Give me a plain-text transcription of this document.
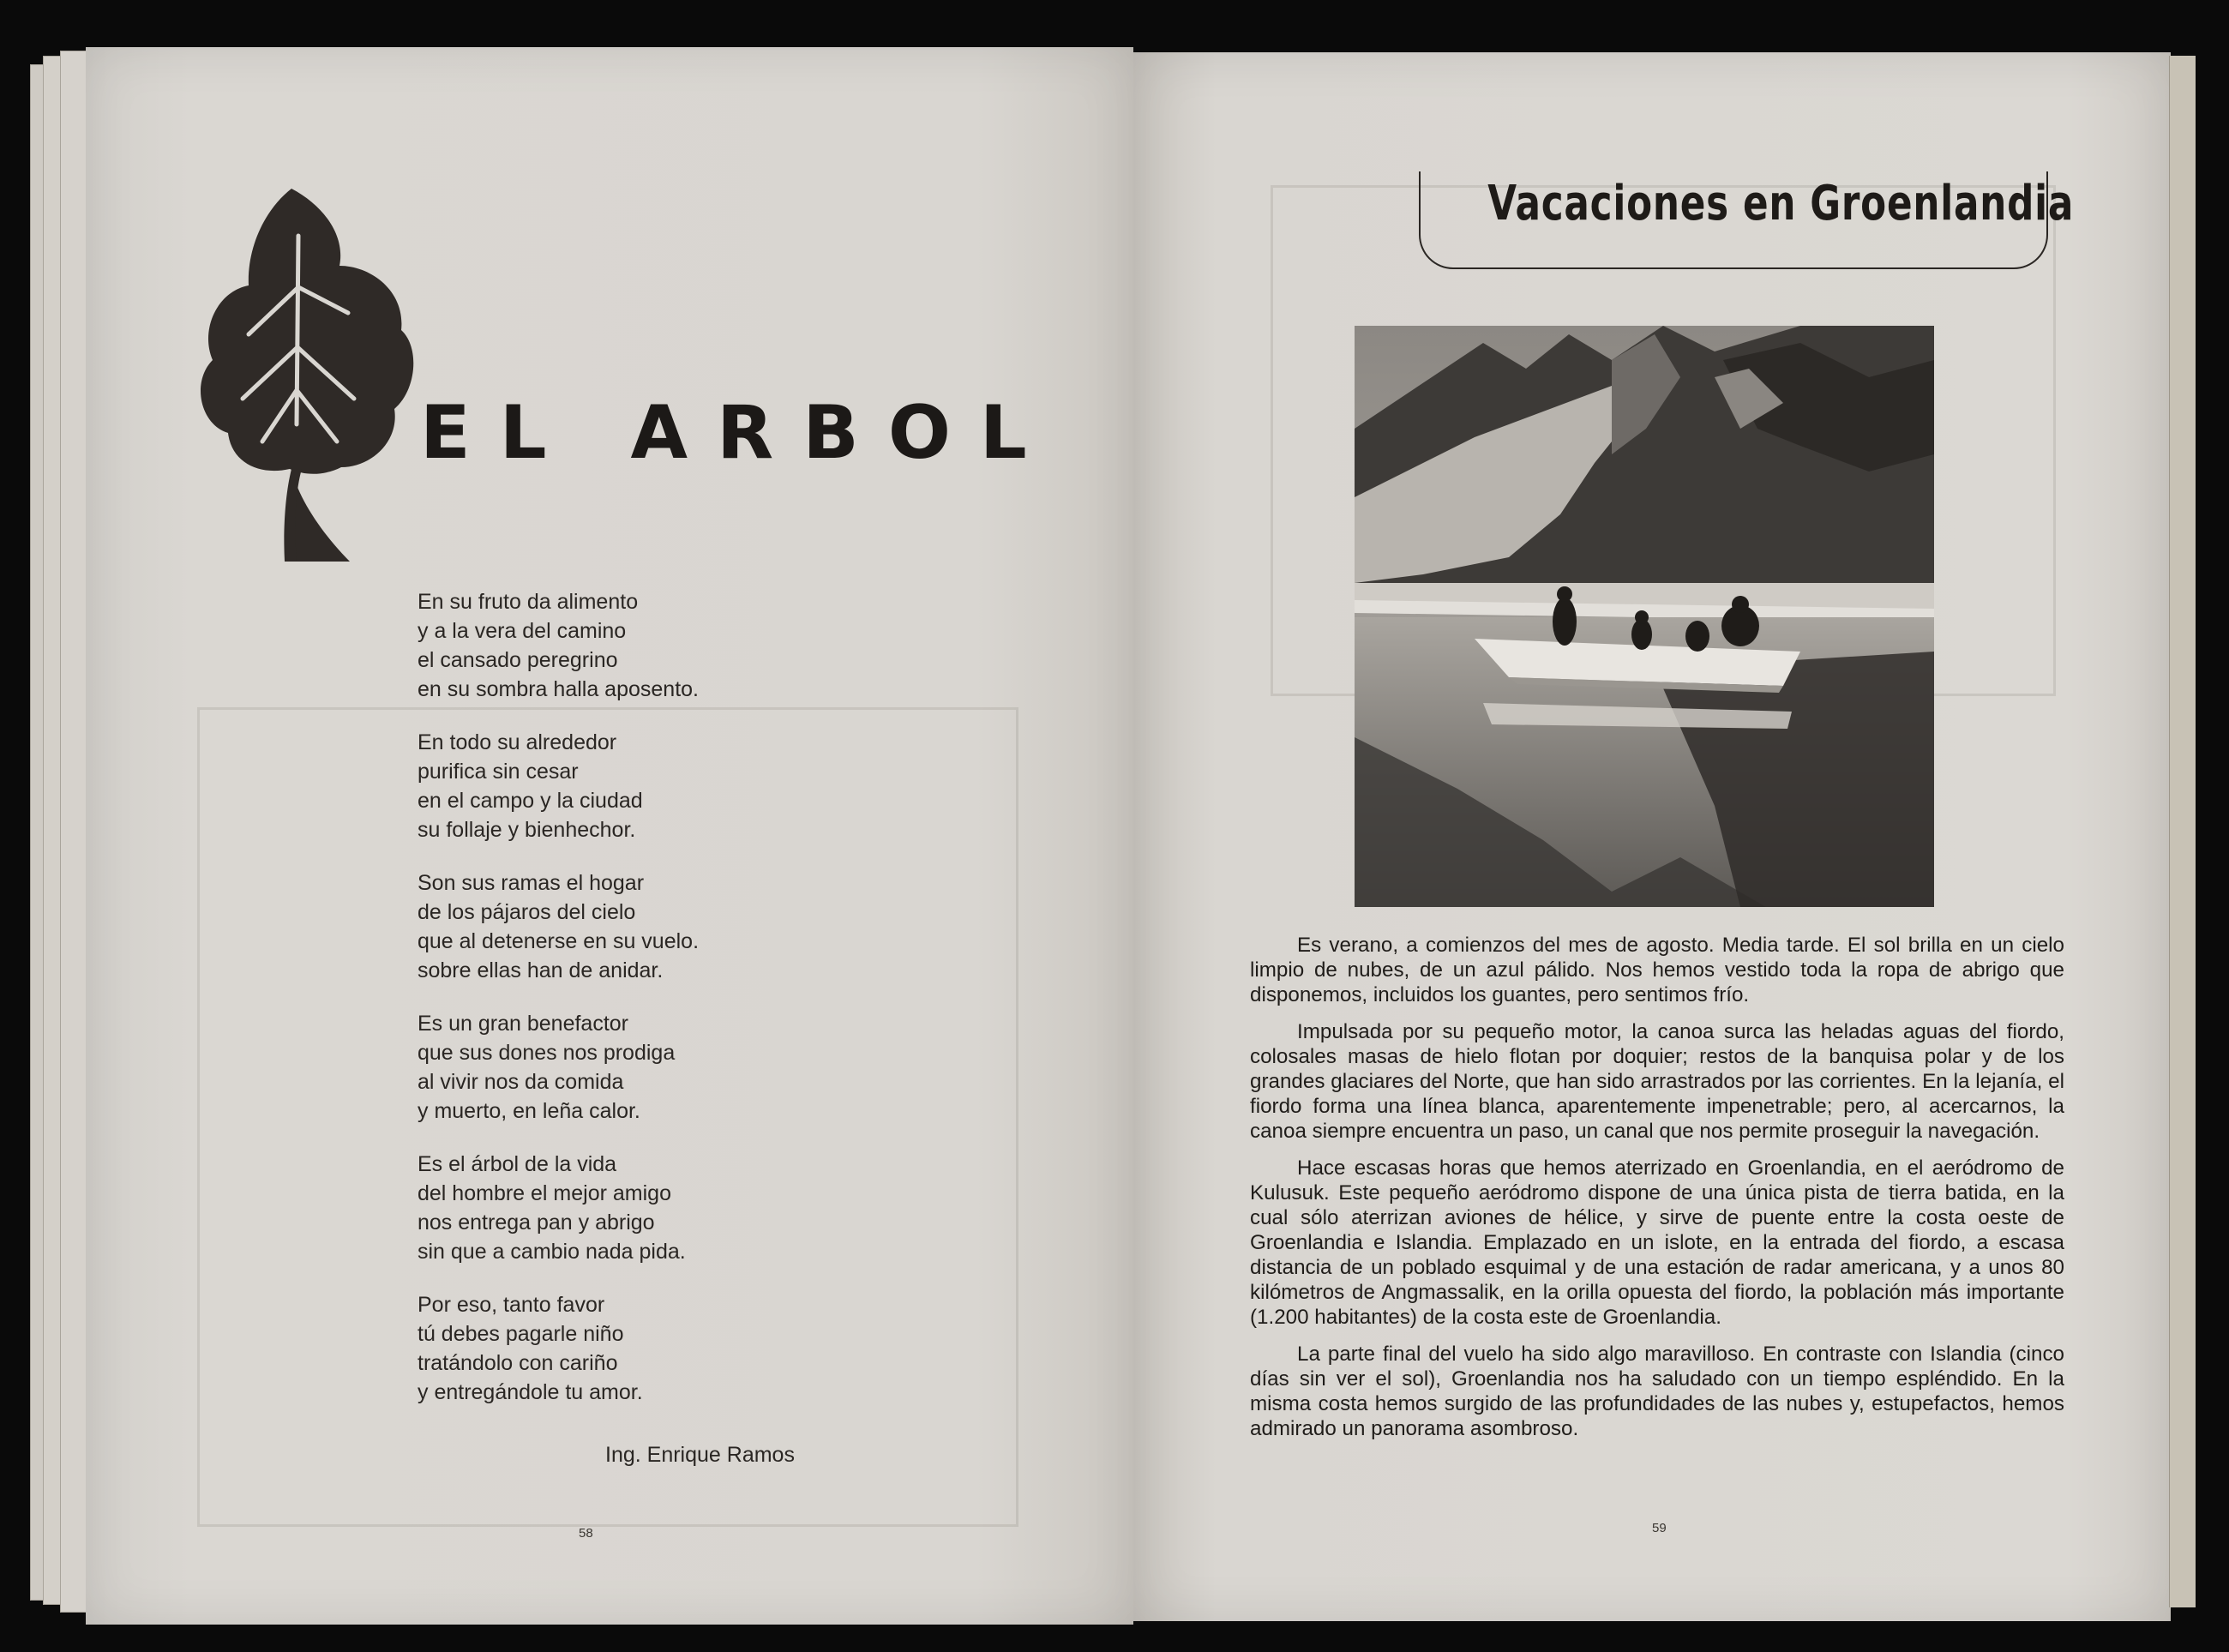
EL ARBOL
En su fruto da alimento
y a la vera del camino
el cansado peregrino
en su sombra halla aposento.
En todo su alrededor
purifica sin cesar
en el campo y la ciudad
su follaje y bienhechor.
Son sus ramas el hogar
de los pájaros del cielo
que al detenerse en su vuelo.
sobre ellas han de anidar.
Es un gran benefactor
que sus dones nos prodiga
al vivir nos da comida
y muerto, en leña calor.
Es el árbol de la vida
del hombre el mejor amigo
nos entrega pan y abrigo
sin que a cambio nada pida.
Por eso, tanto favor
tú debes pagarle niño
tratándolo con cariño
y entregándole tu amor.
Ing. Enrique Ramos
58
Vacaciones en Groenlandia

Es verano, a comienzos del mes de agosto. Media tarde. El sol brilla en un cielo limpio de nubes, de un azul pálido. Nos hemos vestido toda la ropa de abrigo que disponemos, incluidos los guantes, pero sentimos frío.

Impulsada por su pequeño motor, la canoa surca las heladas aguas del fiordo, colosales masas de hielo flotan por doquier; restos de la banquisa polar y de los grandes glaciares del Norte, que han sido arrastrados por las corrientes. En la lejanía, el fiordo forma una línea blanca, aparentemente impenetrable; pero, al acercarnos, la canoa siempre encuentra un paso, un canal que nos permite proseguir la navegación.

Hace escasas horas que hemos aterrizado en Groenlandia, en el aeródromo de Kulusuk. Este pequeño aeródromo dispone de una única pista de tierra batida, en la cual sólo aterrizan aviones de hélice, y sirve de puente entre la costa oeste de Groenlandia e Islandia. Emplazado en un islote, en la entrada del fiordo, a escasa distancia de un poblado esquimal y de una estación de radar americana, y a unos 80 kilómetros de Angmassalik, en la orilla opuesta del fiordo, la población más importante (1.200 habitantes) de la costa este de Groenlandia.

La parte final del vuelo ha sido algo maravilloso. En contraste con Islandia (cinco días sin ver el sol), Groenlandia nos ha saludado con un tiempo espléndido. En la misma costa hemos surgido de las profundidades de las nubes y, estupefactos, hemos admirado un panorama asombroso.

59
